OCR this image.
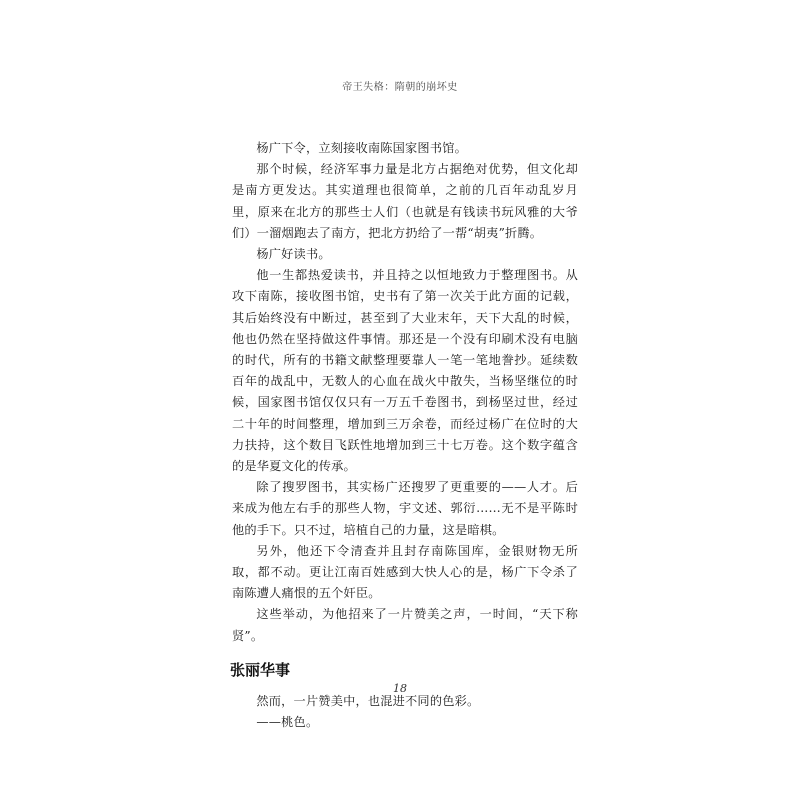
帝王失格：隋朝的崩坏史

杨广下令，立刻接收南陈国家图书馆。

那个时候，经济军事力量是北方占据绝对优势，但文化却是南方更发达。其实道理也很简单，之前的几百年动乱岁月里，原来在北方的那些士人们（也就是有钱读书玩风雅的大爷们）一溜烟跑去了南方，把北方扔给了一帮“胡夷”折腾。

杨广好读书。

他一生都热爱读书，并且持之以恒地致力于整理图书。从攻下南陈，接收图书馆，史书有了第一次关于此方面的记载，其后始终没有中断过，甚至到了大业末年，天下大乱的时候，他也仍然在坚持做这件事情。那还是一个没有印刷术没有电脑的时代，所有的书籍文献整理要靠人一笔一笔地誊抄。延续数百年的战乱中，无数人的心血在战火中散失，当杨坚继位的时候，国家图书馆仅仅只有一万五千卷图书，到杨坚过世，经过二十年的时间整理，增加到三万余卷，而经过杨广在位时的大力扶持，这个数目飞跃性地增加到三十七万卷。这个数字蕴含的是华夏文化的传承。

除了搜罗图书，其实杨广还搜罗了更重要的——人才。后来成为他左右手的那些人物，宇文述、郭衍……无不是平陈时他的手下。只不过，培植自己的力量，这是暗棋。

另外，他还下令清查并且封存南陈国库，金银财物无所取，都不动。更让江南百姓感到大快人心的是，杨广下令杀了南陈遭人痛恨的五个奸臣。

这些举动，为他招来了一片赞美之声，一时间，“天下称贤”。

张丽华事

然而，一片赞美中，也混进不同的色彩。

——桃色。

18
